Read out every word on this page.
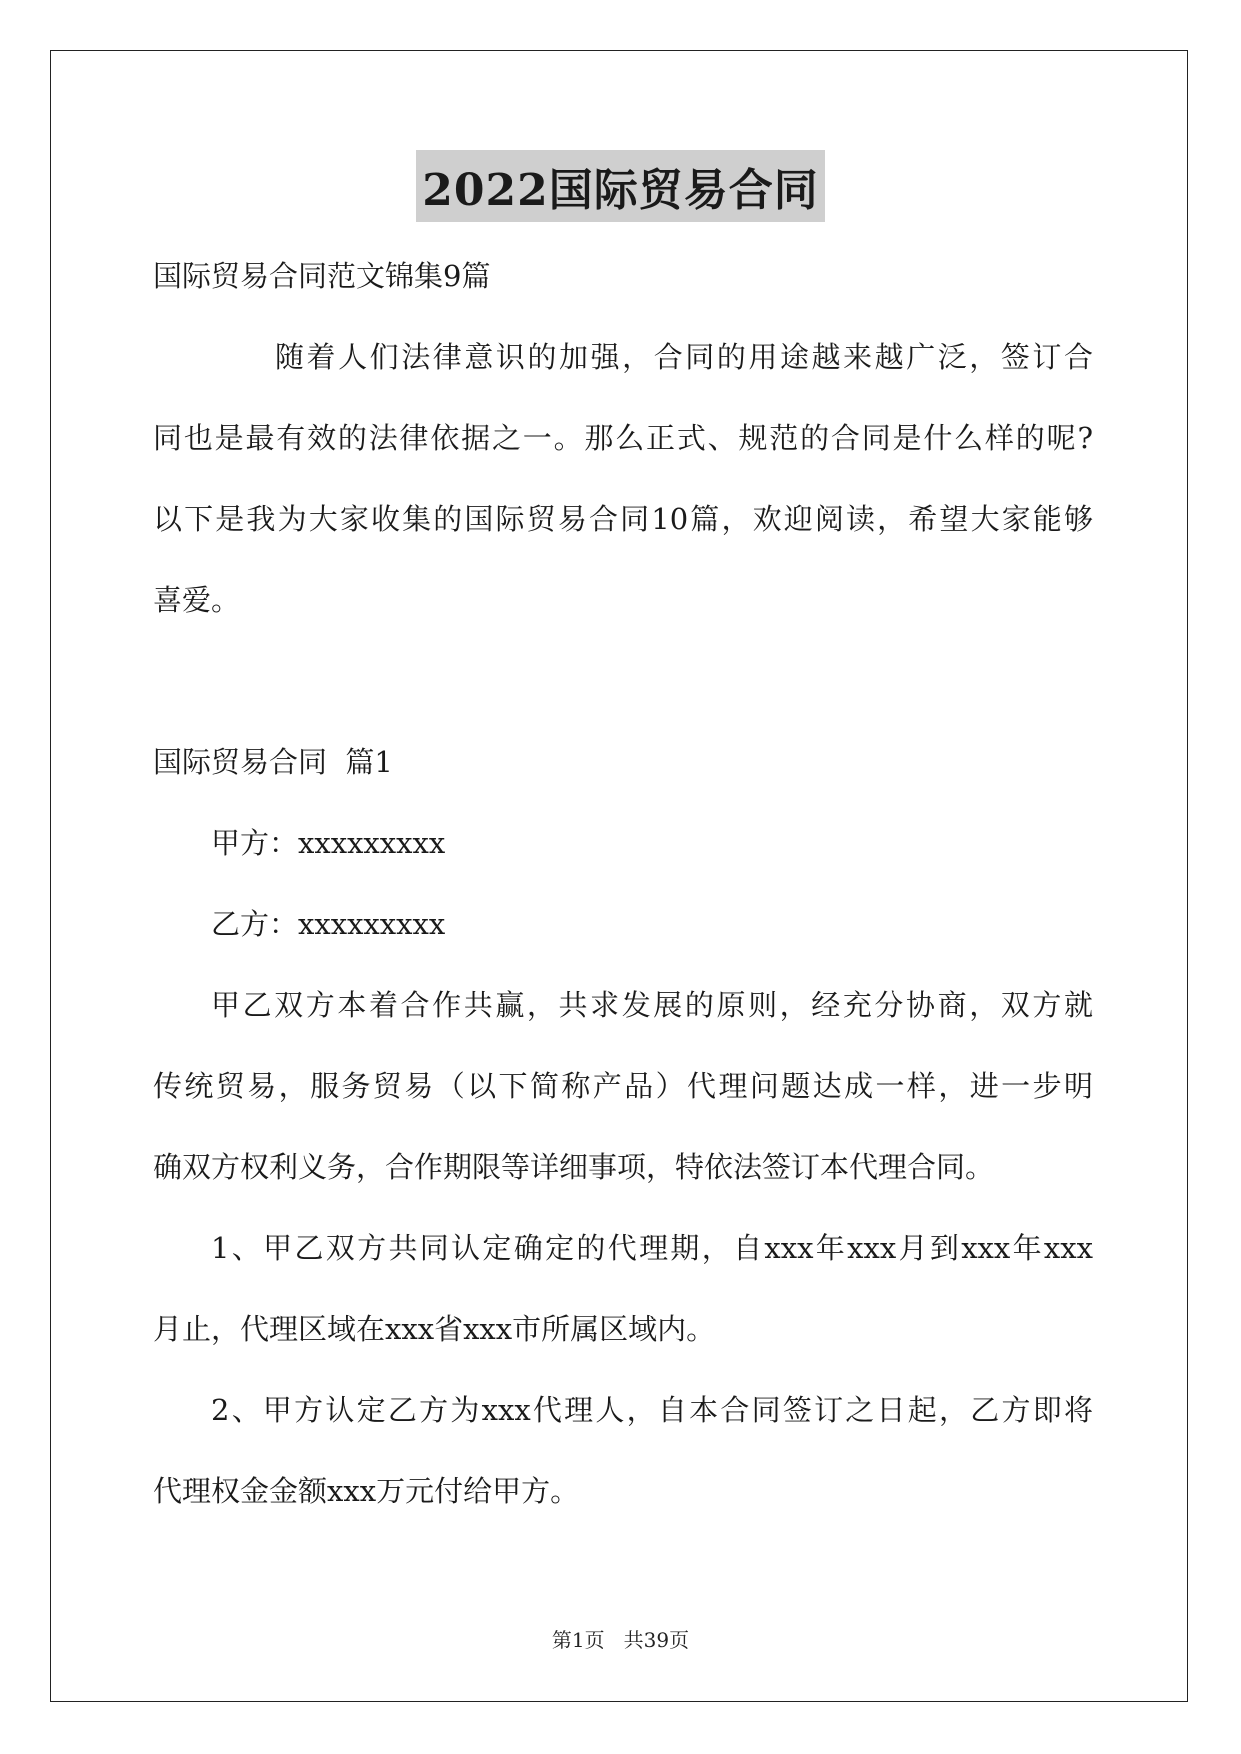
2022国际贸易合同
国际贸易合同范文锦集9篇
随着人们法律意识的加强，合同的用途越来越广泛，签订合
同也是最有效的法律依据之一。那么正式、规范的合同是什么样的呢?
以下是我为大家收集的国际贸易合同10篇，欢迎阅读，希望大家能够
喜爱。
国际贸易合同  篇1
甲方：xxxxxxxxx
乙方：xxxxxxxxx
甲乙双方本着合作共赢，共求发展的原则，经充分协商，双方就
传统贸易，服务贸易（以下简称产品）代理问题达成一样，进一步明
确双方权利义务，合作期限等详细事项，特依法签订本代理合同。
1、甲乙双方共同认定确定的代理期，自xxx年xxx月到xxx年xxx
月止，代理区域在xxx省xxx市所属区域内。
2、甲方认定乙方为xxx代理人，自本合同签订之日起，乙方即将
代理权金金额xxx万元付给甲方。
第1页   共39页
